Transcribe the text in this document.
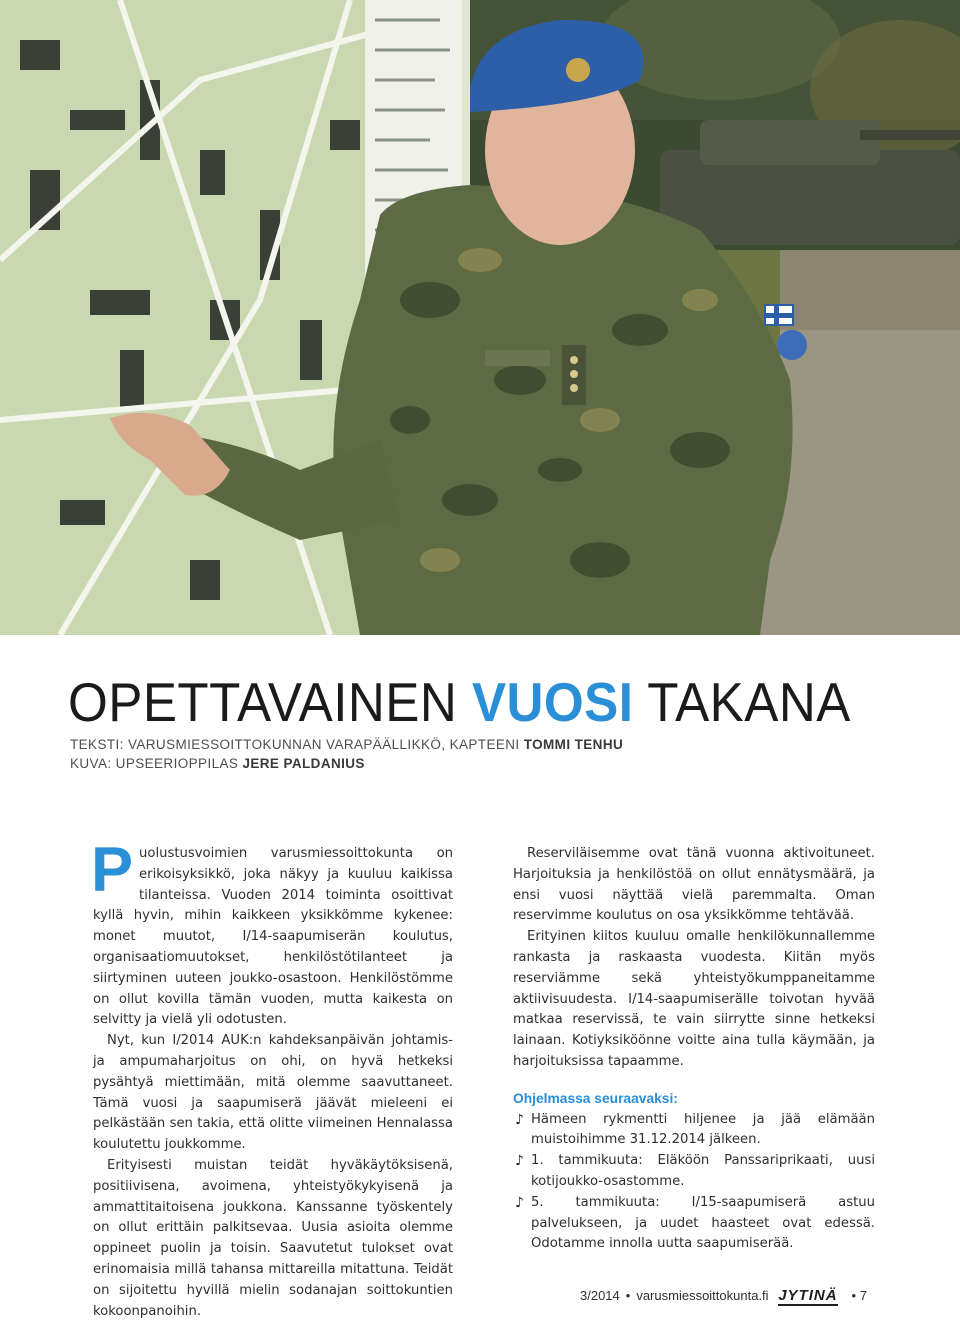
OPETTAVAINEN VUOSI TAKANA
TEKSTI: VARUSMIESSOITTOKUNNAN VARAPÄÄLLIKKÖ, KAPTEENI TOMMI TENHU
KUVA: UPSEERIOPPILAS JERE PALDANIUS

Puolustusvoimien varusmiessoittokunta on erikoisyksikkö, joka näkyy ja kuuluu kaikissa tilanteissa. Vuoden 2014 toiminta osoittivat kyllä hyvin, mihin kaikkeen yksikkömme kykenee: monet muutot, I/14-saapumiserän koulutus, organisaatiomuutokset, henkilöstötilanteet ja siirtyminen uuteen joukko-osastoon. Henkilöstömme on ollut kovilla tämän vuoden, mutta kaikesta on selvitty ja vielä yli odotusten.

Nyt, kun I/2014 AUK:n kahdeksanpäivän johtamis- ja ampumaharjoitus on ohi, on hyvä hetkeksi pysähtyä miettimään, mitä olemme saavuttaneet. Tämä vuosi ja saapumiserä jäävät mieleeni ei pelkästään sen takia, että olitte viimeinen Hennalassa koulutettu joukkomme.

Erityisesti muistan teidät hyväkäytöksisenä, positiivisena, avoimena, yhteistyökykyisenä ja ammattitaitoisena joukkona. Kanssanne työskentely on ollut erittäin palkitsevaa. Uusia asioita olemme oppineet puolin ja toisin. Saavutetut tulokset ovat erinomaisia millä tahansa mittareilla mitattuna. Teidät on sijoitettu hyvillä mielin sodanajan soittokuntien kokoonpanoihin.

Reserviläisemme ovat tänä vuonna aktivoituneet. Harjoituksia ja henkilöstöä on ollut ennätysmäärä, ja ensi vuosi näyttää vielä paremmalta. Oman reservimme koulutus on osa yksikkömme tehtävää.

Erityinen kiitos kuuluu omalle henkilökunnallemme rankasta ja raskaasta vuodesta. Kiitän myös reserviämme sekä yhteistyökumppaneitamme aktiivisuudesta. I/14-saapumiserälle toivotan hyvää matkaa reservissä, te vain siirrytte sinne hetkeksi lainaan. Kotiyksiköönne voitte aina tulla käymään, ja harjoituksissa tapaamme.

Ohjelmassa seuraavaksi:

♪ Hämeen rykmentti hiljenee ja jää elämään muistoihimme 31.12.2014 jälkeen.

♪ 1. tammikuuta: Eläköön Panssariprikaati, uusi kotijoukko-osastomme.

♪ 5. tammikuuta: I/15-saapumiserä astuu palvelukseen, ja uudet haasteet ovat edessä. Odotamme innolla uutta saapumiserää.

3/2014 • varusmiessoittokunta.fi JYTINÄ • 7
